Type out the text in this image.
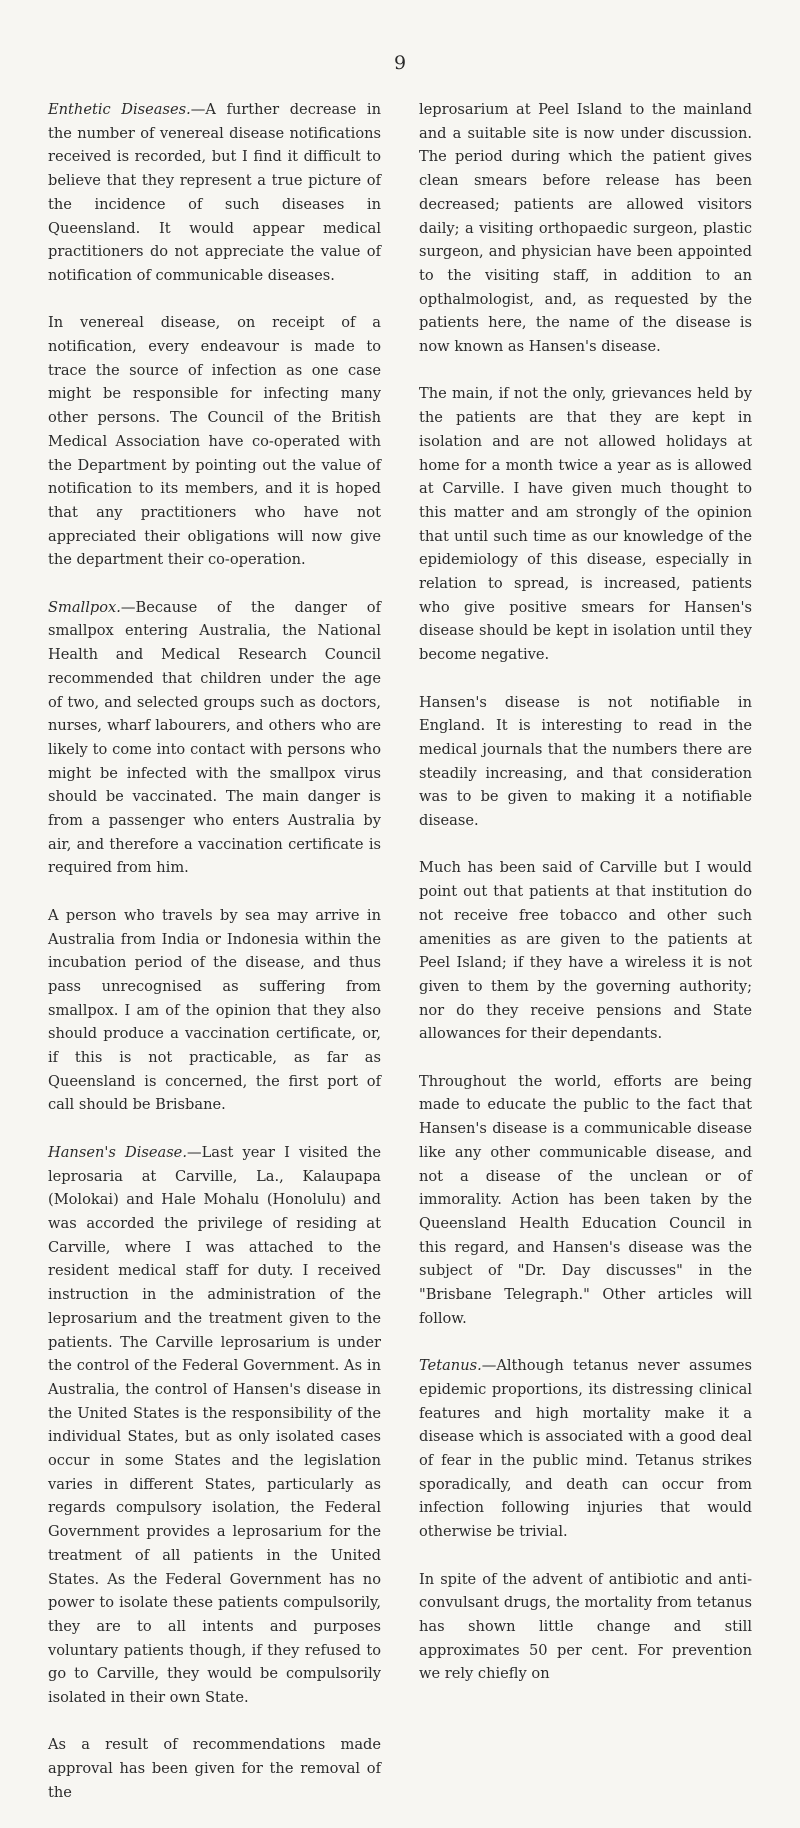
9

Enthetic Diseases.—A further decrease in the number of venereal disease notifications received is recorded, but I find it difficult to believe that they represent a true picture of the incidence of such diseases in Queensland. It would appear medical practitioners do not appreciate the value of notification of communicable diseases.

In venereal disease, on receipt of a notification, every endeavour is made to trace the source of infection as one case might be responsible for infecting many other persons. The Council of the British Medical Association have co-operated with the Department by pointing out the value of notification to its members, and it is hoped that any practitioners who have not appreciated their obligations will now give the department their co-operation.

Smallpox.—Because of the danger of smallpox entering Australia, the National Health and Medical Research Council recommended that children under the age of two, and selected groups such as doctors, nurses, wharf labourers, and others who are likely to come into contact with persons who might be infected with the smallpox virus should be vaccinated. The main danger is from a passenger who enters Australia by air, and therefore a vaccination certificate is required from him.

A person who travels by sea may arrive in Australia from India or Indonesia within the incubation period of the disease, and thus pass unrecognised as suffering from smallpox. I am of the opinion that they also should produce a vaccination certificate, or, if this is not practicable, as far as Queensland is concerned, the first port of call should be Brisbane.

Hansen's Disease.—Last year I visited the leprosaria at Carville, La., Kalaupapa (Molokai) and Hale Mohalu (Honolulu) and was accorded the privilege of residing at Carville, where I was attached to the resident medical staff for duty. I received instruction in the administration of the leprosarium and the treatment given to the patients. The Carville leprosarium is under the control of the Federal Government. As in Australia, the control of Hansen's disease in the United States is the responsibility of the individual States, but as only isolated cases occur in some States and the legislation varies in different States, particularly as regards compulsory isolation, the Federal Government provides a leprosarium for the treatment of all patients in the United States. As the Federal Government has no power to isolate these patients compulsorily, they are to all intents and purposes voluntary patients though, if they refused to go to Carville, they would be compulsorily isolated in their own State.

As a result of recommendations made approval has been given for the removal of the

leprosarium at Peel Island to the mainland and a suitable site is now under discussion. The period during which the patient gives clean smears before release has been decreased; patients are allowed visitors daily; a visiting orthopaedic surgeon, plastic surgeon, and physician have been appointed to the visiting staff, in addition to an opthalmologist, and, as requested by the patients here, the name of the disease is now known as Hansen's disease.

The main, if not the only, grievances held by the patients are that they are kept in isolation and are not allowed holidays at home for a month twice a year as is allowed at Carville. I have given much thought to this matter and am strongly of the opinion that until such time as our knowledge of the epidemiology of this disease, especially in relation to spread, is increased, patients who give positive smears for Hansen's disease should be kept in isolation until they become negative.

Hansen's disease is not notifiable in England. It is interesting to read in the medical journals that the numbers there are steadily increasing, and that consideration was to be given to making it a notifiable disease.

Much has been said of Carville but I would point out that patients at that institution do not receive free tobacco and other such amenities as are given to the patients at Peel Island; if they have a wireless it is not given to them by the governing authority; nor do they receive pensions and State allowances for their dependants.

Throughout the world, efforts are being made to educate the public to the fact that Hansen's disease is a communicable disease like any other communicable disease, and not a disease of the unclean or of immorality. Action has been taken by the Queensland Health Education Council in this regard, and Hansen's disease was the subject of "Dr. Day discusses" in the "Brisbane Telegraph." Other articles will follow.

Tetanus.—Although tetanus never assumes epidemic proportions, its distressing clinical features and high mortality make it a disease which is associated with a good deal of fear in the public mind. Tetanus strikes sporadically, and death can occur from infection following injuries that would otherwise be trivial.

In spite of the advent of antibiotic and anti-convulsant drugs, the mortality from tetanus has shown little change and still approximates 50 per cent. For prevention we rely chiefly on
